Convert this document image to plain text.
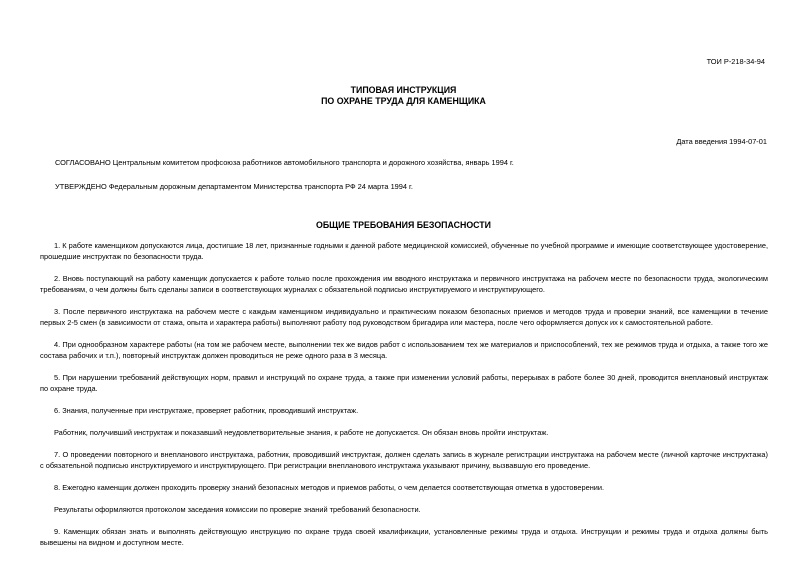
ТОИ Р-218-34-94
ТИПОВАЯ ИНСТРУКЦИЯ
ПО ОХРАНЕ ТРУДА ДЛЯ КАМЕНЩИКА
Дата введения 1994-07-01
СОГЛАСОВАНО Центральным комитетом профсоюза работников автомобильного транспорта и дорожного хозяйства, январь 1994 г.
УТВЕРЖДЕНО Федеральным дорожным департаментом Министерства транспорта РФ 24 марта 1994 г.
ОБЩИЕ ТРЕБОВАНИЯ БЕЗОПАСНОСТИ

1. К работе каменщиком допускаются лица, достигшие 18 лет, признанные годными к данной работе медицинской комиссией, обученные по учебной программе и имеющие соответствующее удостоверение, прошедшие инструктаж по безопасности труда.

2. Вновь поступающий на работу каменщик допускается к работе только после прохождения им вводного инструктажа и первичного инструктажа на рабочем месте по безопасности труда, экологическим требованиям, о чем должны быть сделаны записи в соответствующих журналах с обязательной подписью инструктируемого и инструктирующего.

3. После первичного инструктажа на рабочем месте с каждым каменщиком индивидуально и практическим показом безопасных приемов и методов труда и проверки знаний, все каменщики в течение первых 2-5 смен (в зависимости от стажа, опыта и характера работы) выполняют работу под руководством бригадира или мастера, после чего оформляется допуск их к самостоятельной работе.

4. При однообразном характере работы (на том же рабочем месте, выполнении тех же видов работ с использованием тех же материалов и приспособлений, тех же режимов труда и отдыха, а также того же состава рабочих и т.п.), повторный инструктаж должен проводиться не реже одного раза в 3 месяца.

5. При нарушении требований действующих норм, правил и инструкций по охране труда, а также при изменении условий работы, перерывах в работе более 30 дней, проводится внеплановый инструктаж по охране труда.

6. Знания, полученные при инструктаже, проверяет работник, проводивший инструктаж.

Работник, получивший инструктаж и показавший неудовлетворительные знания, к работе не допускается. Он обязан вновь пройти инструктаж.

7. О проведении повторного и внепланового инструктажа, работник, проводивший инструктаж, должен сделать запись в журнале регистрации инструктажа на рабочем месте (личной карточке инструктажа) с обязательной подписью инструктируемого и инструктирующего. При регистрации внепланового инструктажа указывают причину, вызвавшую его проведение.

8. Ежегодно каменщик должен проходить проверку знаний безопасных методов и приемов работы, о чем делается соответствующая отметка в удостоверении.

Результаты оформляются протоколом заседания комиссии по проверке знаний требований безопасности.

9. Каменщик обязан знать и выполнять действующую инструкцию по охране труда своей квалификации, установленные режимы труда и отдыха. Инструкции и режимы труда и отдыха должны быть вывешены на видном и доступном месте.
